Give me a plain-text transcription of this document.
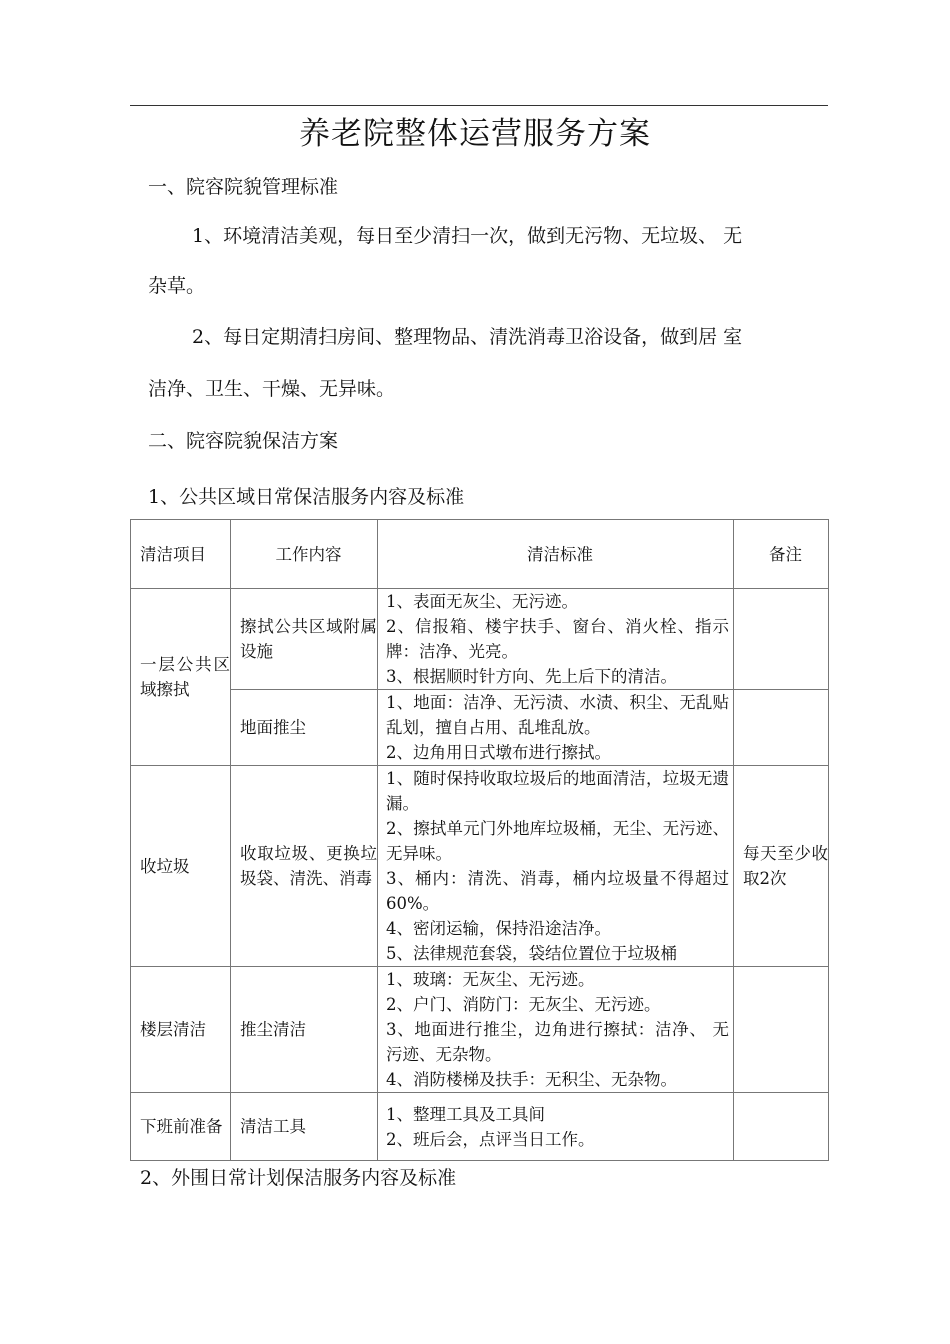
养老院整体运营服务方案
一、院容院貌管理标准
1、环境清洁美观，每日至少清扫一次，做到无污物、无垃圾、 无
杂草。
2、每日定期清扫房间、整理物品、清洗消毒卫浴设备，做到居 室
洁净、卫生、干燥、无异味。
二、院容院貌保洁方案
1、公共区域日常保洁服务内容及标准
清洁项目	工作内容	清洁标准	备注
一层公共区域擦拭	擦拭公共区域附属设施	1、表面无灰尘、无污迹。
2、信报箱、楼宇扶手、窗台、消火栓、指示牌：洁净、光亮。
3、根据顺时针方向、先上后下的清洁。	

	地面推尘	1、地面：洁净、无污渍、水渍、积尘、无乱贴乱划，擅自占用、乱堆乱放。
2、边角用日式墩布进行擦拭。	

收垃圾	收取垃圾、更换垃圾袋、清洗、消毒	1、随时保持收取垃圾后的地面清洁，垃圾无遗漏。
2、擦拭单元门外地库垃圾桶，无尘、无污迹、无异味。
3、桶内：清洗、消毒，桶内垃圾量不得超过60%。
4、密闭运输，保持沿途洁净。
5、法律规范套袋，袋结位置位于垃圾桶	每天至少收取2次
楼层清洁	推尘清洁	1、玻璃：无灰尘、无污迹。
2、户门、消防门：无灰尘、无污迹。
3、地面进行推尘，边角进行擦拭：洁净、 无污迹、无杂物。
4、消防楼梯及扶手：无积尘、无杂物。	

下班前准备	清洁工具	1、整理工具及工具间
2、班后会，点评当日工作。	

2、外围日常计划保洁服务内容及标准
